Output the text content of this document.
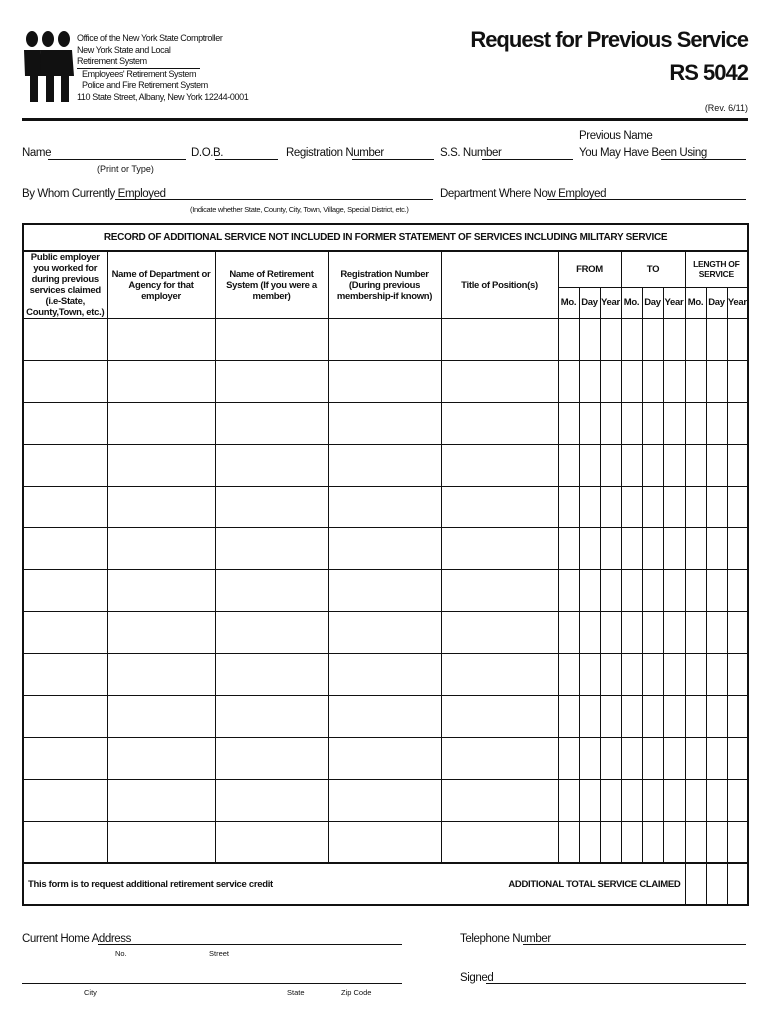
Office of the New York State Comptroller
New York State and Local Retirement System
Employees' Retirement System
Police and Fire Retirement System
110 State Street, Albany, New York 12244-0001
Request for Previous Service
RS 5042
(Rev. 6/11)
Name
(Print or Type)
D.O.B.	Registration Number	S.S. Number
Previous Name
You May Have Been Using
By Whom Currently Employed
(Indicate whether State, County, City, Town, Village, Special District, etc.)
Department Where Now Employed
RECORD OF ADDITIONAL SERVICE NOT INCLUDED IN FORMER STATEMENT OF SERVICES INCLUDING MILITARY SERVICE													
Public employer you worked for during previous services claimed (i.e-State, County,Town, etc.)	Name of Department or Agency for that employer	Name of Retirement System (If you were a member)	Registration Number (During previous membership-if known)	Title of Position(s)	FROM			TO			LENGTH OF SERVICE		
					Mo.	Day	Year	Mo.	Day	Year	Mo.	Day	Year

This form is to request additional retirement service credit ADDITIONAL TOTAL SERVICE CLAIMED													

Current Home Address
No.	Street
Telephone Number
City	State	Zip Code
Signed
